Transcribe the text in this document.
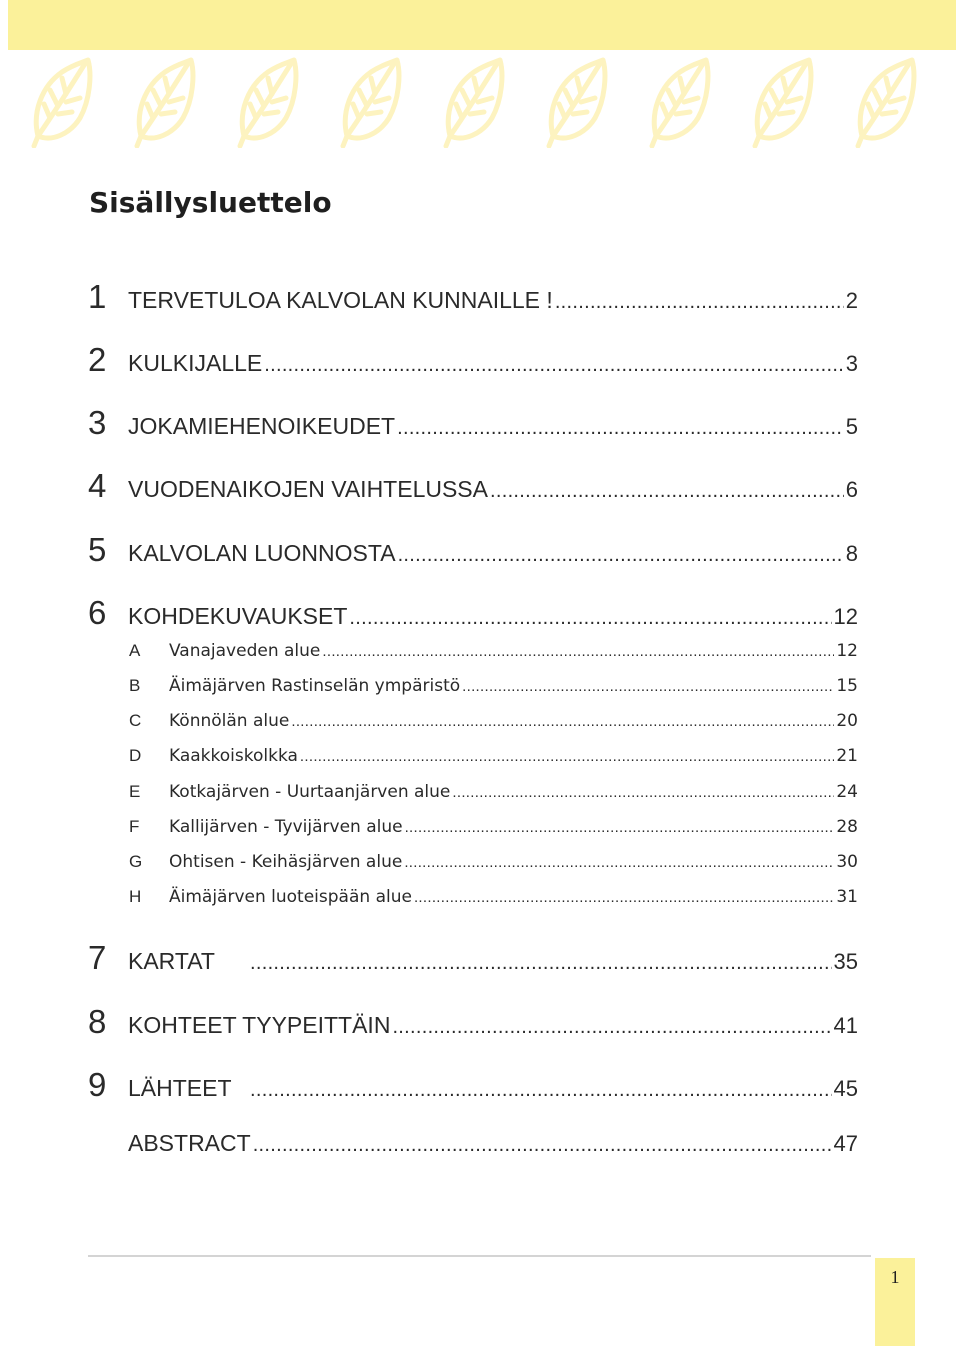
Sisällysluettelo
1 TERVETULOA KALVOLAN KUNNAILLE ! .....	2
2 KULKIJALLE .....	3
3 JOKAMIEHENOIKEUDET .....	5
4 VUODENAIKOJEN VAIHTELUSSA .....	6
5 KALVOLAN LUONNOSTA .....	8
6 KOHDEKUVAUKSET .....	12
A	Vanajaveden alue .....	12
B	Äimäjärven Rastinselän ympäristö .....	15
C	Könnölän alue .....	20
D	Kaakkoiskolkka .....	21
E	Kotkajärven - Uurtaanjärven alue .....	24
F	Kallijärven - Tyvijärven alue .....	28
G	Ohtisen - Keihäsjärven alue .....	30
H	Äimäjärven luoteispään alue .....	31
7 KARTAT .....	35
8 KOHTEET TYYPEITTÄIN .....	41
9 LÄHTEET .....	45
ABSTRACT .....	47
1
